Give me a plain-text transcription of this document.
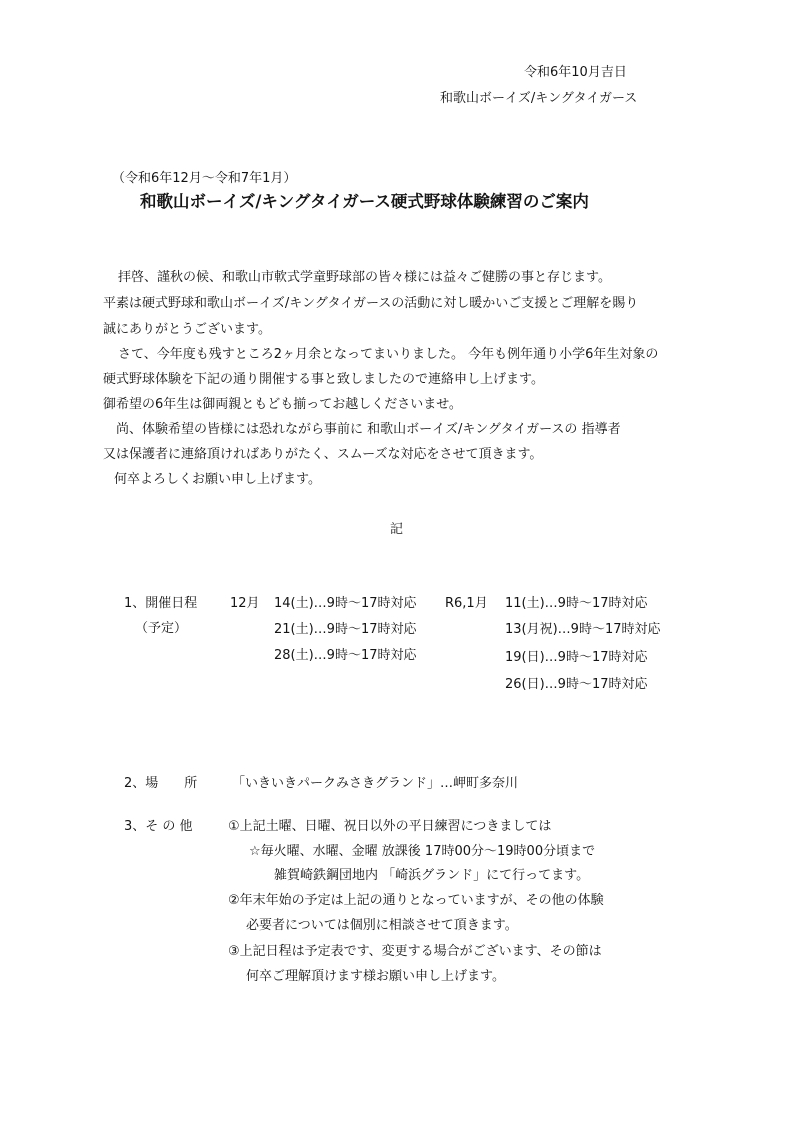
令和6年10月吉日
和歌山ボーイズ/キングタイガース
（令和6年12月～令和7年1月）
和歌山ボーイズ/キングタイガース硬式野球体験練習のご案内
拝啓、謹秋の候、和歌山市軟式学童野球部の皆々様には益々ご健勝の事と存じます。
平素は硬式野球和歌山ボーイズ/キングタイガースの活動に対し暖かいご支援とご理解を賜り
誠にありがとうございます。
さて、今年度も残すところ2ヶ月余となってまいりました。 今年も例年通り小学6年生対象の
硬式野球体験を下記の通り開催する事と致しましたので連絡申し上げます。
御希望の6年生は御両親ともども揃ってお越しくださいませ。
尚、体験希望の皆様には恐れながら事前に 和歌山ボーイズ/キングタイガースの 指導者
又は保護者に連絡頂ければありがたく、スムーズな対応をさせて頂きます。
何卒よろしくお願い申し上げます。
記
1、開催日程
（予定）
12月 14(土)…9時～17時対応
21(土)…9時～17時対応
28(土)…9時～17時対応
R6,1月 11(土)…9時～17時対応
13(月祝)…9時～17時対応
19(日)…9時～17時対応
26(日)…9時～17時対応
2、場　　所	「いきいきパークみさきグランド」…岬町多奈川
3、そ の 他	①上記土曜、日曜、祝日以外の平日練習につきましては
☆毎火曜、水曜、金曜 放課後 17時00分～19時00分頃まで
雑賀崎鉄鋼団地内 「崎浜グランド」にて行ってます。
②年末年始の予定は上記の通りとなっていますが、その他の体験
必要者については個別に相談させて頂きます。
③上記日程は予定表です、変更する場合がございます、その節は
何卒ご理解頂けます様お願い申し上げます。
